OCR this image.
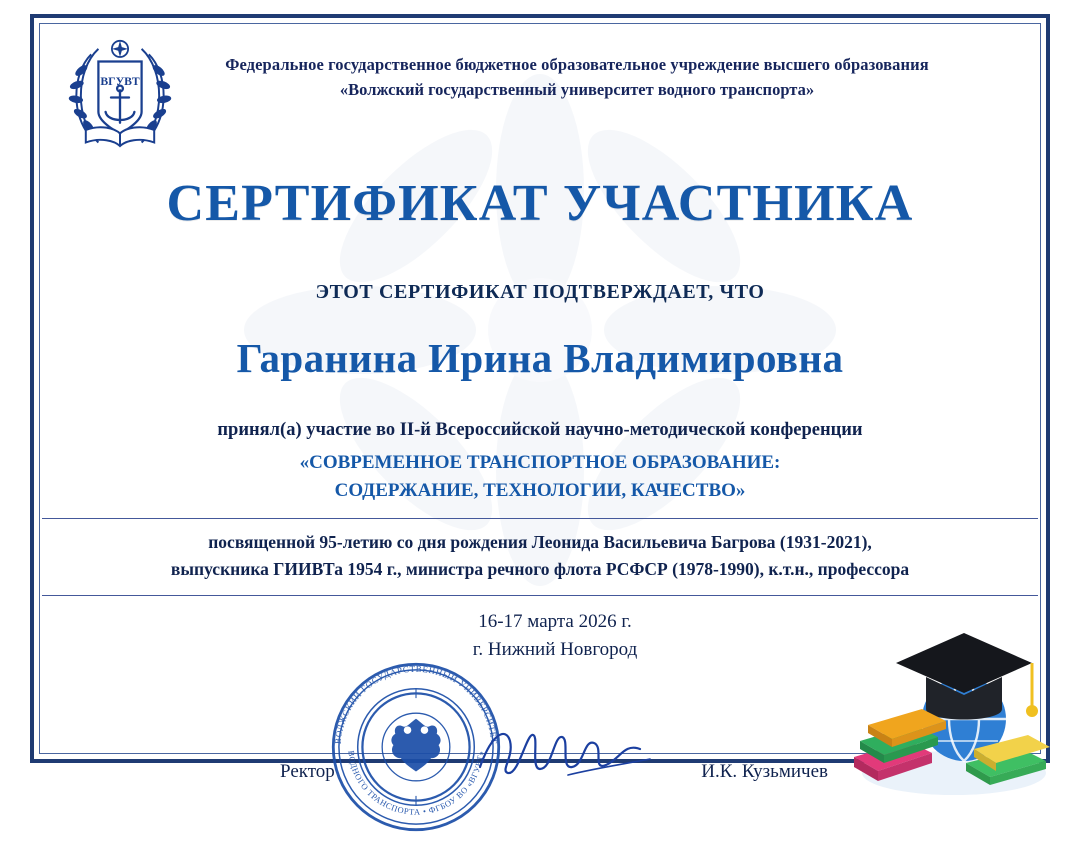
ВГУВТ
Федеральное государственное бюджетное образовательное учреждение высшего образования
«Волжский государственный университет водного транспорта»
СЕРТИФИКАТ УЧАСТНИКА
ЭТОТ СЕРТИФИКАТ ПОДТВЕРЖДАЕТ, ЧТО
Гаранина Ирина Владимировна
принял(а) участие во II-й Всероссийской научно-методической конференции
«СОВРЕМЕННОЕ ТРАНСПОРТНОЕ ОБРАЗОВАНИЕ:
СОДЕРЖАНИЕ, ТЕХНОЛОГИИ, КАЧЕСТВО»
посвященной 95-летию со дня рождения Леонида Васильевича Багрова (1931-2021),
выпускника ГИИВТа 1954 г., министра речного флота РСФСР (1978-1990), к.т.н., профессора
16-17 марта 2026 г.
г. Нижний Новгород
Ректор	И.К. Кузьмичев
ВОЛЖСКИЙ ГОСУДАРСТВЕННЫЙ УНИВЕРСИТЕТ
ВОДНОГО ТРАНСПОРТА • ФГБОУ ВО «ВГУВТ»
